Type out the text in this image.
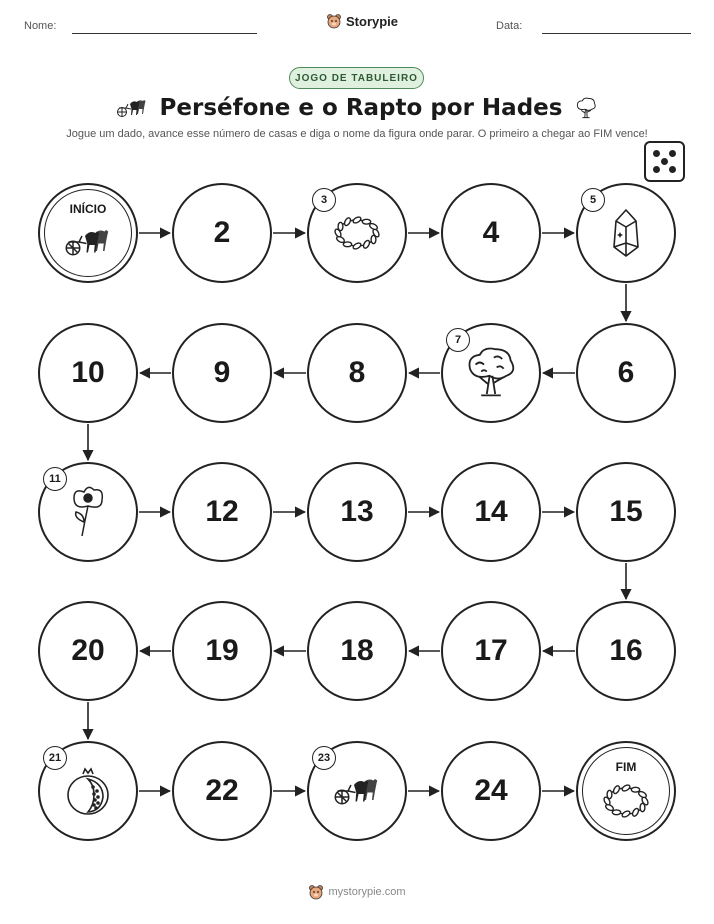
Nome:	Storypie	Data:
JOGO DE TABULEIRO
Perséfone e o Rapto por Hades
Jogue um dado, avance esse número de casas e diga o nome da figura onde parar. O primeiro a chegar ao FIM vence!
INÍCIO
2
3
4
5
6
7
8
9
10
11
12	13	14	15
16
17
18
19
20
21
22
23
24
FIM
mystorypie.com
